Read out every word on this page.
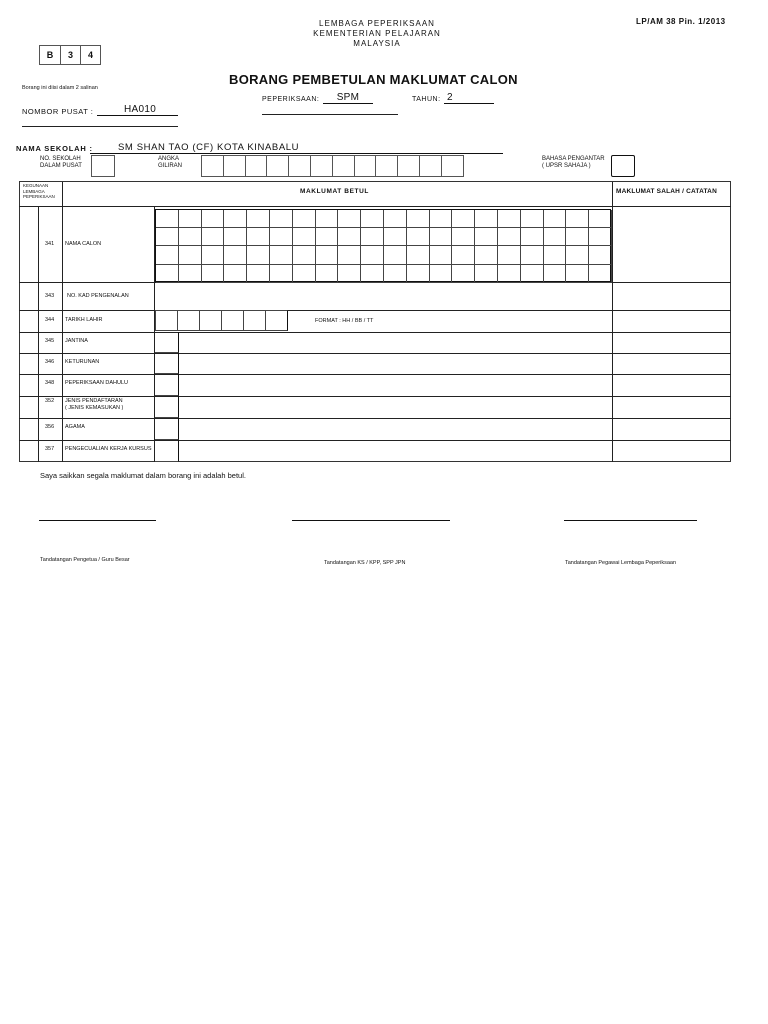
LEMBAGA PEPERIKSAAN
KEMENTERIAN PELAJARAN
MALAYSIA
LP/AM 38 Pin. 1/2013
B	3	4
Borang ini diisi dalam 2 salinan
BORANG PEMBETULAN MAKLUMAT CALON
PEPERIKSAAN:	SPM	TAHUN: 2
NOMBOR PUSAT :	HA010
NAMA SEKOLAH :	SM SHAN TAO (CF) KOTA KINABALU
NO. SEKOLAH
DALAM PUSAT
ANGKA
GILIRAN
BAHASA PENGANTAR
( UPSR SAHAJA )
KEGUNAAN
LEMBAGA
PEPERIKSAAN
MAKLUMAT BETUL	MAKLUMAT SALAH / CATATAN
341 NAMA CALON
343 NO. KAD PENGENALAN
344 TARIKH LAHIR
345 JANTINA
346 KETURUNAN
348 PEPERIKSAAN DAHULU
352 JENIS PENDAFTARAN
( JENIS KEMASUKAN )
356 AGAMA
357 PENGECUALIAN KERJA KURSUS
FORMAT : HH / BB / TT
Saya saikkan segala maklumat dalam borang ini adalah betul.
Tandatangan Pengetua / Guru Besar	Tandatangan KS / KPP, SPP JPN	Tandatangan Pegawai Lembaga Peperiksaan
